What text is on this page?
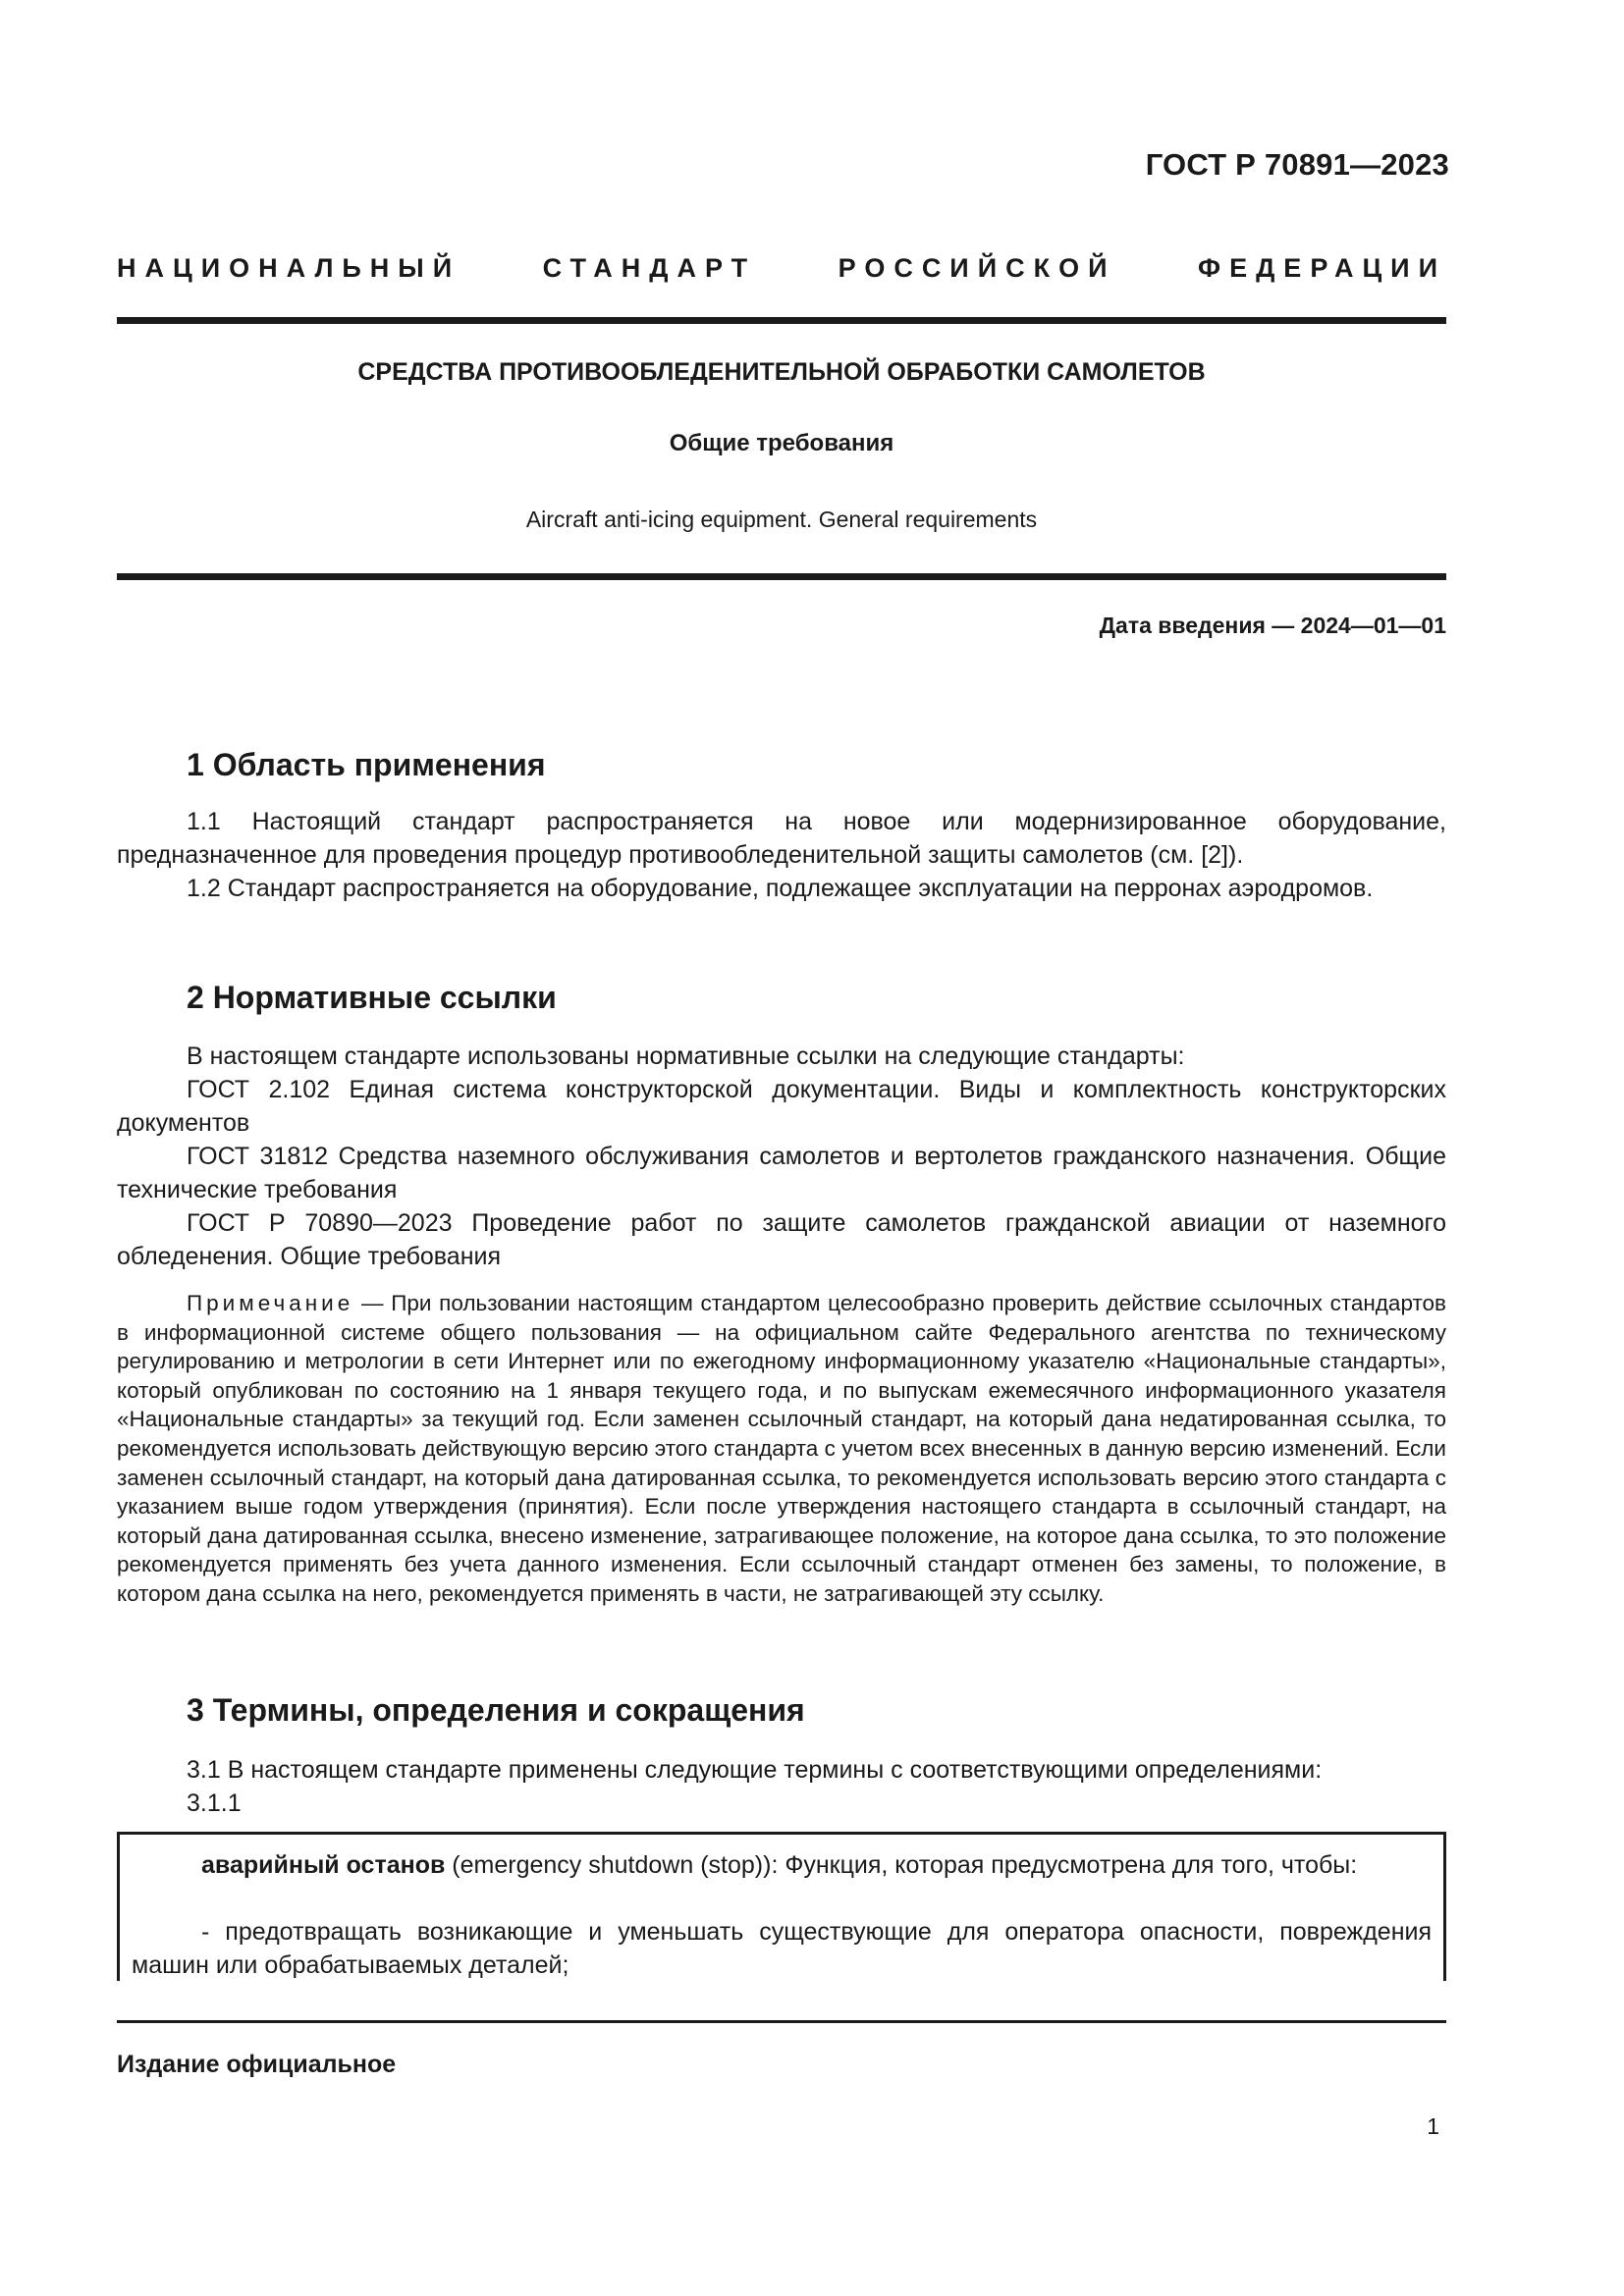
ГОСТ Р 70891—2023
НАЦИОНАЛЬНЫЙ СТАНДАРТ РОССИЙСКОЙ ФЕДЕРАЦИИ
СРЕДСТВА ПРОТИВООБЛЕДЕНИТЕЛЬНОЙ ОБРАБОТКИ САМОЛЕТОВ
Общие требования
Aircraft anti-icing equipment. General requirements
Дата введения — 2024—01—01
1 Область применения

1.1 Настоящий стандарт распространяется на новое или модернизированное оборудование, предназначенное для проведения процедур противообледенительной защиты самолетов (см. [2]).

1.2 Стандарт распространяется на оборудование, подлежащее эксплуатации на перронах аэродромов.

2 Нормативные ссылки

В настоящем стандарте использованы нормативные ссылки на следующие стандарты:

ГОСТ 2.102 Единая система конструкторской документации. Виды и комплектность конструкторских документов

ГОСТ 31812 Средства наземного обслуживания самолетов и вертолетов гражданского назначения. Общие технические требования

ГОСТ Р 70890—2023 Проведение работ по защите самолетов гражданской авиации от наземного обледенения. Общие требования

Примечание — При пользовании настоящим стандартом целесообразно проверить действие ссылочных стандартов в информационной системе общего пользования — на официальном сайте Федерального агентства по техническому регулированию и метрологии в сети Интернет или по ежегодному информационному указателю «Национальные стандарты», который опубликован по состоянию на 1 января текущего года, и по выпускам ежемесячного информационного указателя «Национальные стандарты» за текущий год. Если заменен ссылочный стандарт, на который дана недатированная ссылка, то рекомендуется использовать действующую версию этого стандарта с учетом всех внесенных в данную версию изменений. Если заменен ссылочный стандарт, на который дана датированная ссылка, то рекомендуется использовать версию этого стандарта с указанием выше годом утверждения (принятия). Если после утверждения настоящего стандарта в ссылочный стандарт, на который дана датированная ссылка, внесено изменение, затрагивающее положение, на которое дана ссылка, то это положение рекомендуется применять без учета данного изменения. Если ссылочный стандарт отменен без замены, то положение, в котором дана ссылка на него, рекомендуется применять в части, не затрагивающей эту ссылку.

3 Термины, определения и сокращения

3.1 В настоящем стандарте применены следующие термины с соответствующими определениями:

3.1.1

аварийный останов (emergency shutdown (stop)): Функция, которая предусмотрена для того, чтобы:

- предотвращать возникающие и уменьшать существующие для оператора опасности, повреждения машин или обрабатываемых деталей;

Издание официальное
1
